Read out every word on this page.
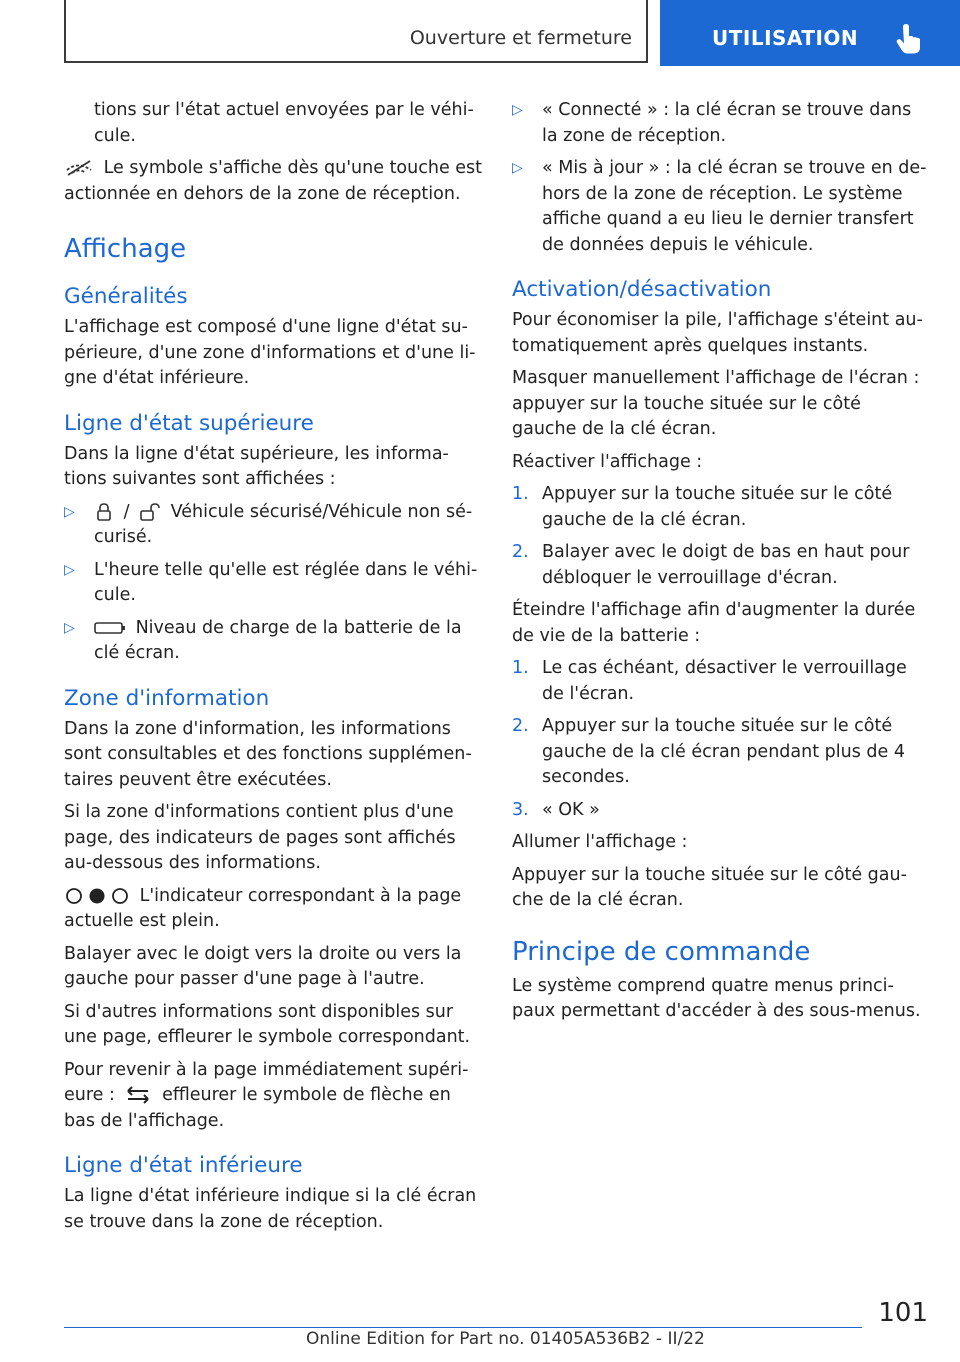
Ouverture et fermeture	UTILISATION

tions sur l'état actuel envoyées par le véhi-cule.

Le symbole s'affiche dès qu'une touche est actionnée en dehors de la zone de réception.

Affichage
Généralités

L'affichage est composé d'une ligne d'état su-périeure, d'une zone d'informations et d'une li-gne d'état inférieure.

Ligne d'état supérieure

Dans la ligne d'état supérieure, les informa-tions suivantes sont affichées :

▷	/ Véhicule sécurisé/Véhicule non sé-curisé.
▷ L'heure telle qu'elle est réglée dans le véhi-cule.
▷	Niveau de charge de la batterie de la clé écran.
Zone d'information

Dans la zone d'information, les informations sont consultables et des fonctions supplémen-taires peuvent être exécutées.

Si la zone d'informations contient plus d'une page, des indicateurs de pages sont affichés au-dessous des informations.

L'indicateur correspondant à la page actuelle est plein.

Balayer avec le doigt vers la droite ou vers la gauche pour passer d'une page à l'autre.

Si d'autres informations sont disponibles sur une page, effleurer le symbole correspondant.

Pour revenir à la page immédiatement supéri-eure :	effleurer le symbole de flèche en bas de l'affichage.

Ligne d'état inférieure

La ligne d'état inférieure indique si la clé écran se trouve dans la zone de réception.

▷ « Connecté » : la clé écran se trouve dans la zone de réception.
▷ « Mis à jour » : la clé écran se trouve en de-hors de la zone de réception. Le système affiche quand a eu lieu le dernier transfert de données depuis le véhicule.
Activation/désactivation

Pour économiser la pile, l'affichage s'éteint au-tomatiquement après quelques instants.

Masquer manuellement l'affichage de l'écran : appuyer sur la touche située sur le côté gauche de la clé écran.

Réactiver l'affichage :

1. Appuyer sur la touche située sur le côté gauche de la clé écran.
2. Balayer avec le doigt de bas en haut pour débloquer le verrouillage d'écran.

Éteindre l'affichage afin d'augmenter la durée de vie de la batterie :

1. Le cas échéant, désactiver le verrouillage de l'écran.
2. Appuyer sur la touche située sur le côté gauche de la clé écran pendant plus de 4 secondes.
3. « OK »

Allumer l'affichage :

Appuyer sur la touche située sur le côté gau-che de la clé écran.

Principe de commande

Le système comprend quatre menus princi-paux permettant d'accéder à des sous-menus.

101
Online Edition for Part no. 01405A536B2 - II/22
